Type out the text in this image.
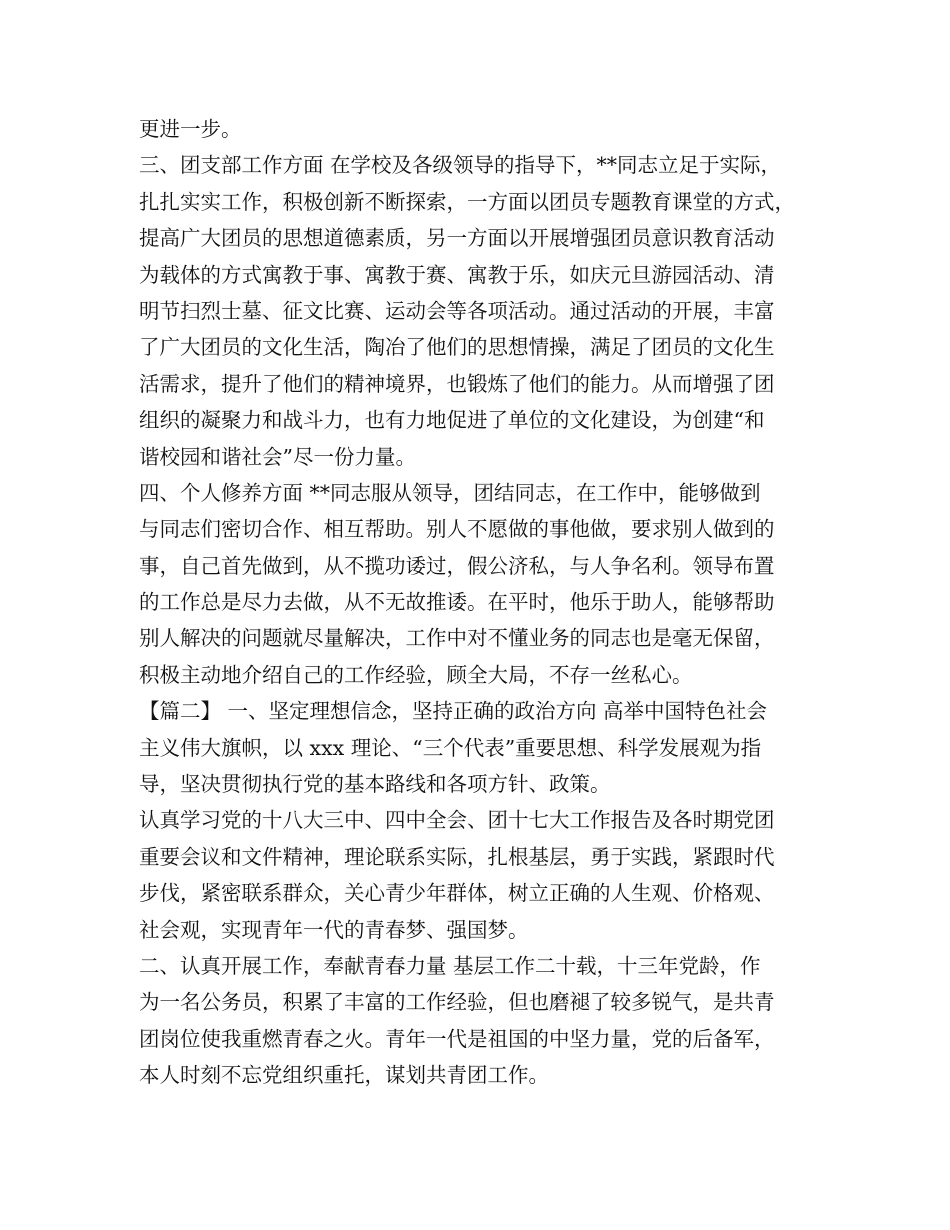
更进一步。
三、团支部工作方面 在学校及各级领导的指导下，**同志立足于实际，
扎扎实实工作，积极创新不断探索，一方面以团员专题教育课堂的方式，
提高广大团员的思想道德素质，另一方面以开展增强团员意识教育活动
为载体的方式寓教于事、寓教于赛、寓教于乐，如庆元旦游园活动、清
明节扫烈士墓、征文比赛、运动会等各项活动。通过活动的开展，丰富
了广大团员的文化生活，陶冶了他们的思想情操，满足了团员的文化生
活需求，提升了他们的精神境界，也锻炼了他们的能力。从而增强了团
组织的凝聚力和战斗力，也有力地促进了单位的文化建设，为创建“和
谐校园和谐社会”尽一份力量。
四、个人修养方面 **同志服从领导，团结同志，在工作中，能够做到
与同志们密切合作、相互帮助。别人不愿做的事他做，要求别人做到的
事，自己首先做到，从不揽功诿过，假公济私，与人争名利。领导布置
的工作总是尽力去做，从不无故推诿。在平时，他乐于助人，能够帮助
别人解决的问题就尽量解决，工作中对不懂业务的同志也是毫无保留，
积极主动地介绍自己的工作经验，顾全大局，不存一丝私心。
【篇二】 一、坚定理想信念，坚持正确的政治方向 高举中国特色社会
主义伟大旗帜，以 xxx 理论、“三个代表”重要思想、科学发展观为指
导，坚决贯彻执行党的基本路线和各项方针、政策。
认真学习党的十八大三中、四中全会、团十七大工作报告及各时期党团
重要会议和文件精神，理论联系实际，扎根基层，勇于实践，紧跟时代
步伐，紧密联系群众，关心青少年群体，树立正确的人生观、价格观、
社会观，实现青年一代的青春梦、强国梦。
二、认真开展工作，奉献青春力量 基层工作二十载，十三年党龄，作
为一名公务员，积累了丰富的工作经验，但也磨褪了较多锐气，是共青
团岗位使我重燃青春之火。青年一代是祖国的中坚力量，党的后备军，
本人时刻不忘党组织重托，谋划共青团工作。
